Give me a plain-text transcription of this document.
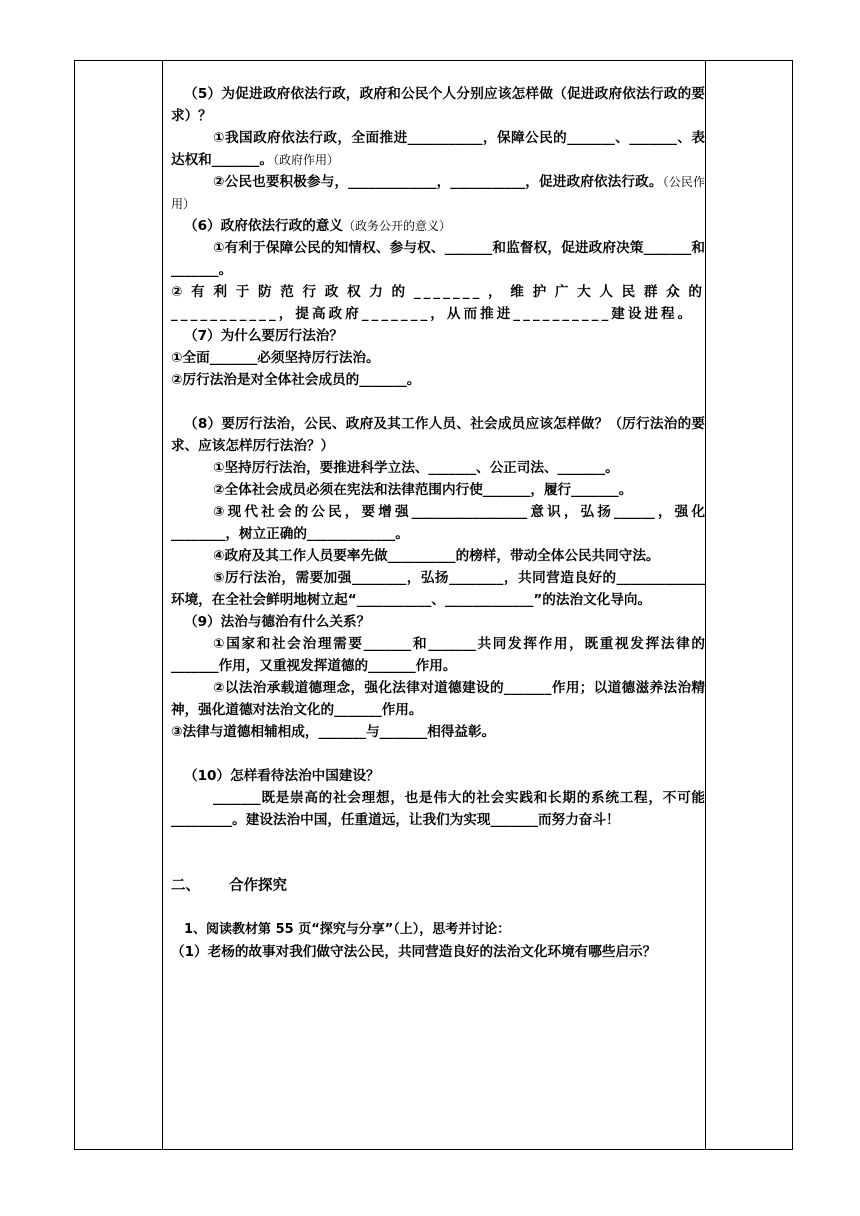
（5）为促进政府依法行政，政府和公民个人分别应该怎样做（促进政府依法行政的要求）？

①我国政府依法行政，全面推进___________，保障公民的_______、_______、表达权和_______。（政府作用）

②公民也要积极参与，_____________，___________，促进政府依法行政。（公民作用）

（6）政府依法行政的意义（政务公开的意义）

①有利于保障公民的知情权、参与权、_______和监督权，促进政府决策_______和_______。

②有利于防范行政权力的_______，维护广大人民群众的___________，提高政府_______，从而推进__________建设进程。

（7）为什么要厉行法治？

①全面_______必须坚持厉行法治。

②厉行法治是对全体社会成员的_______。

（8）要厉行法治，公民、政府及其工作人员、社会成员应该怎样做？（厉行法治的要求、应该怎样厉行法治？）

①坚持厉行法治，要推进科学立法、_______、公正司法、_______。

②全体社会成员必须在宪法和法律范围内行使_______，履行_______。

③现代社会的公民，要增强_________________意识，弘扬______，强化________，树立正确的_____________。

④政府及其工作人员要率先做__________的榜样，带动全体公民共同守法。

⑤厉行法治，需要加强________，弘扬________，共同营造良好的_____________环境，在全社会鲜明地树立起“___________、_____________”的法治文化导向。

（9）法治与德治有什么关系？

①国家和社会治理需要_______和_______共同发挥作用，既重视发挥法律的_______作用，又重视发挥道德的_______作用。

②以法治承载道德理念，强化法律对道德建设的_______作用；以道德滋养法治精神，强化道德对法治文化的_______作用。

③法律与道德相辅相成，_______与_______相得益彰。

（10）怎样看待法治中国建设？

_______既是崇高的社会理想，也是伟大的社会实践和长期的系统工程，不可能_________。建设法治中国，任重道远，让我们为实现_______而努力奋斗！

二、 合作探究

1、阅读教材第 55 页“探究与分享”（上），思考并讨论：

（1）老杨的故事对我们做守法公民，共同营造良好的法治文化环境有哪些启示？
